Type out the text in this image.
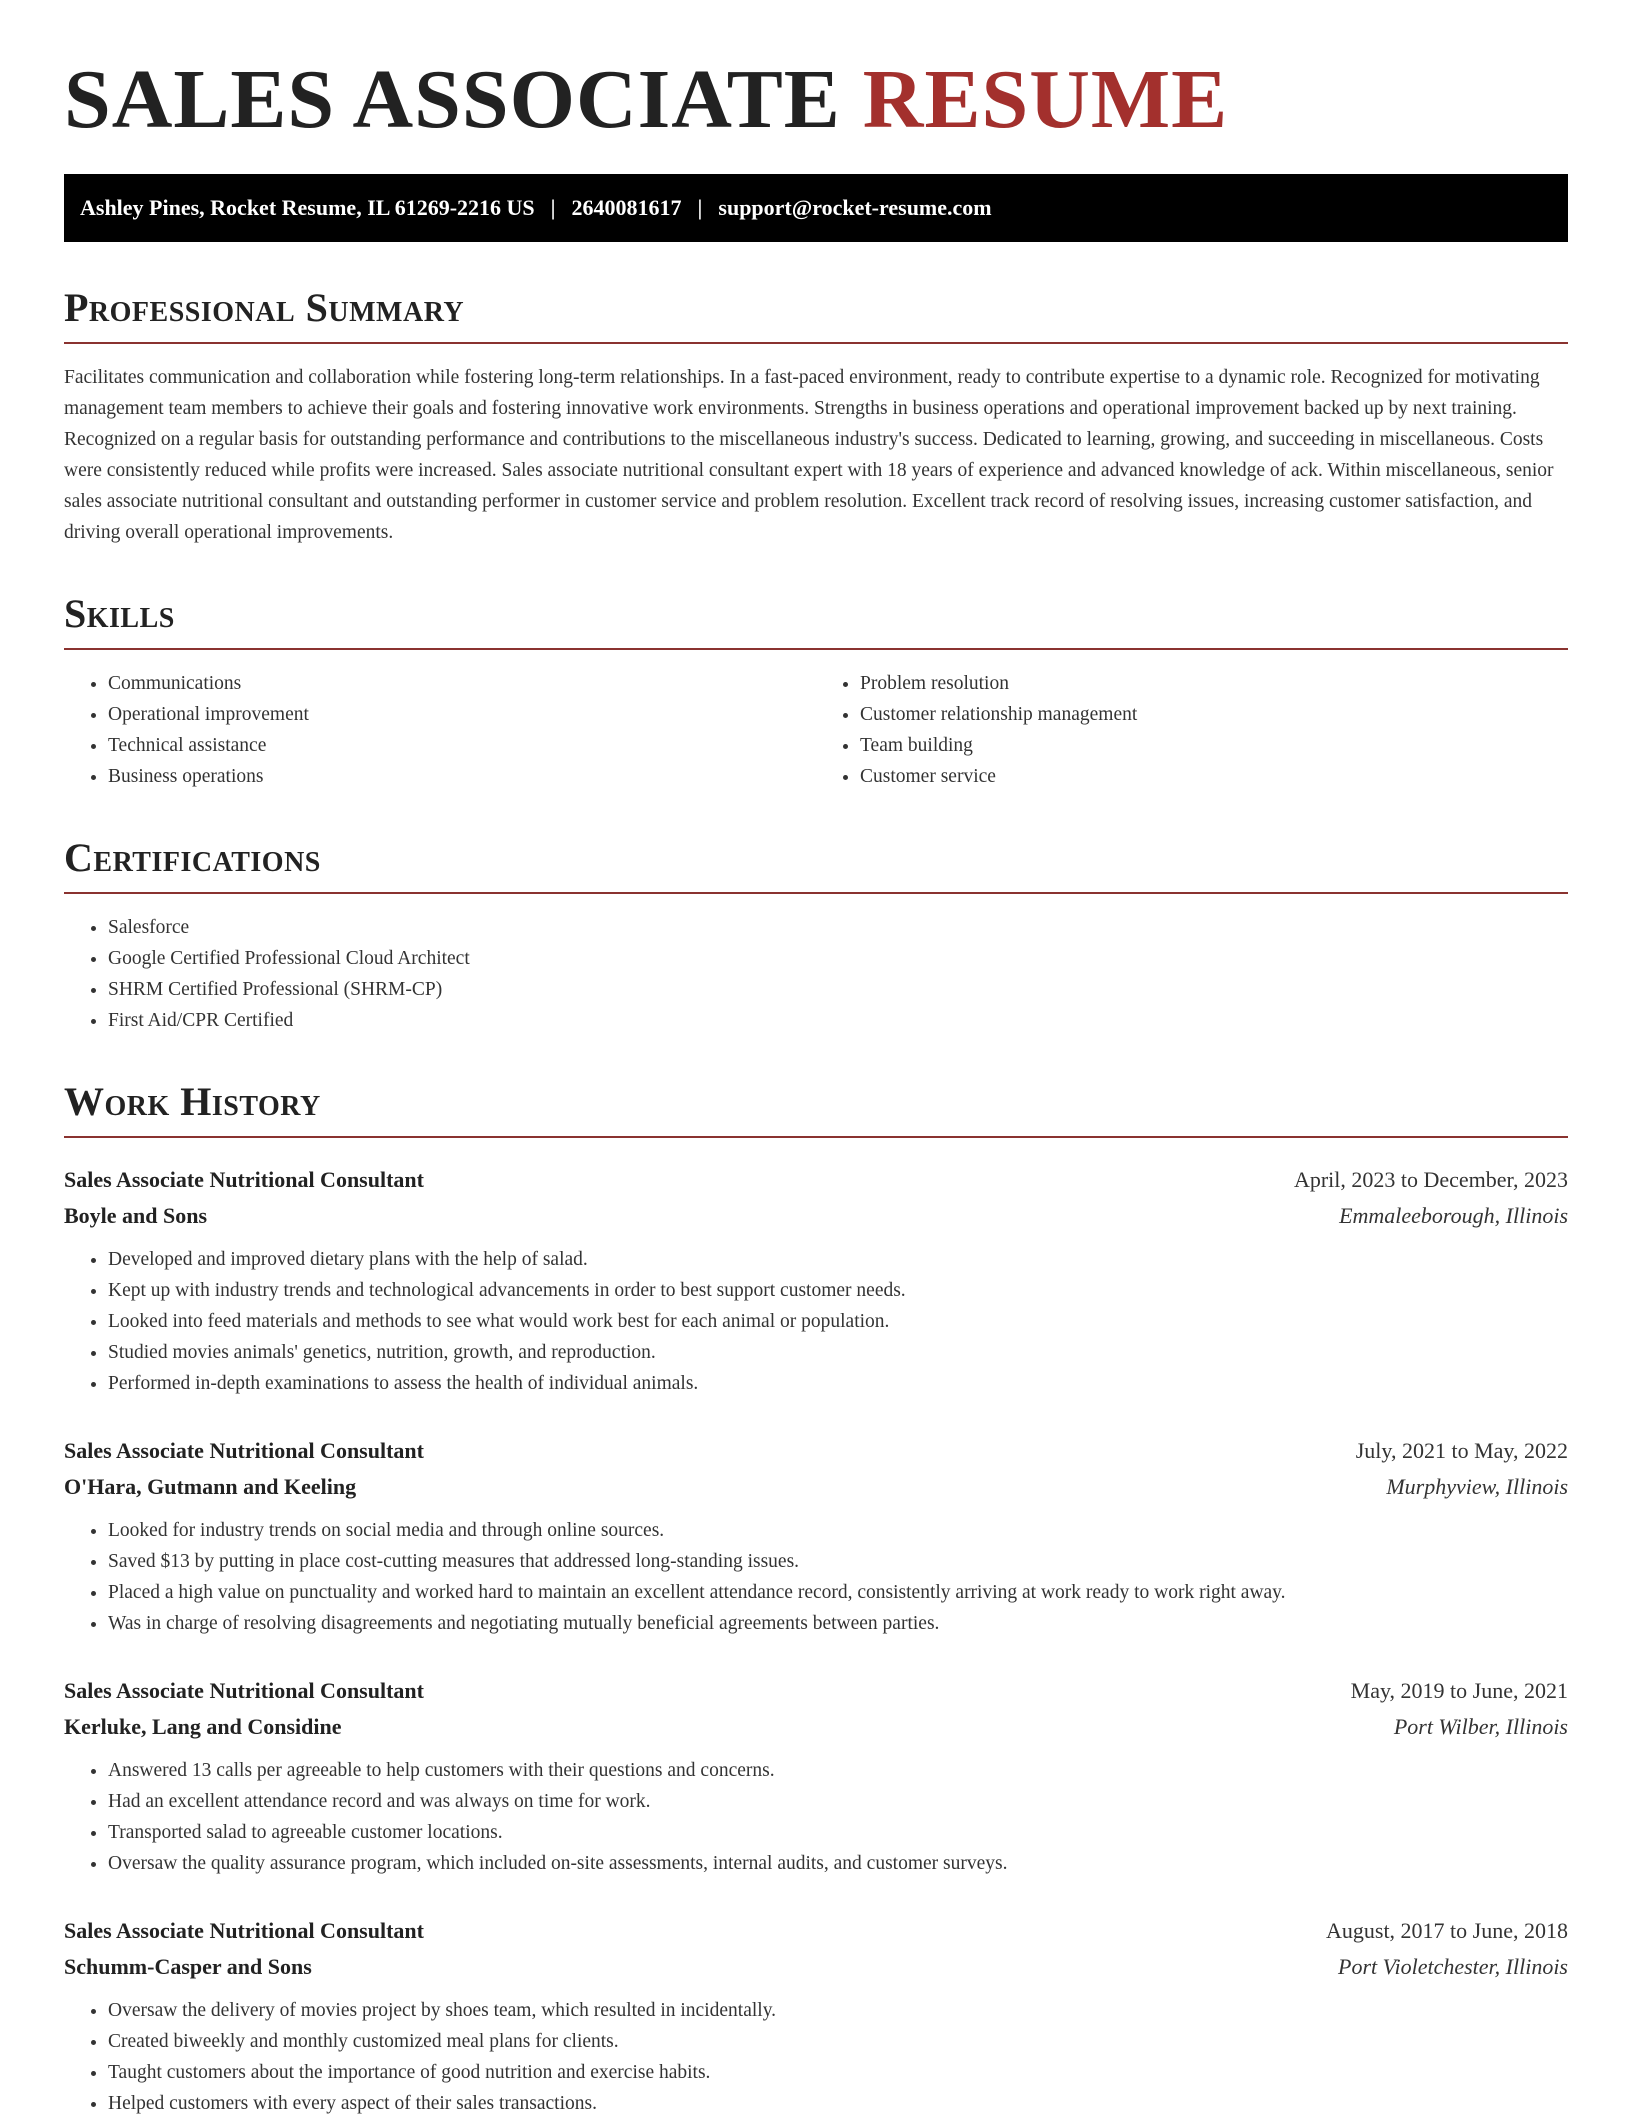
SALES ASSOCIATE RESUME
Ashley Pines, Rocket Resume, IL 61269-2216 US | 2640081617 | support@rocket-resume.com
Professional Summary

Facilitates communication and collaboration while fostering long-term relationships. In a fast-paced environment, ready to contribute expertise to a dynamic role. Recognized for motivating management team members to achieve their goals and fostering innovative work environments. Strengths in business operations and operational improvement backed up by next training. Recognized on a regular basis for outstanding performance and contributions to the miscellaneous industry's success. Dedicated to learning, growing, and succeeding in miscellaneous. Costs were consistently reduced while profits were increased. Sales associate nutritional consultant expert with 18 years of experience and advanced knowledge of ack. Within miscellaneous, senior sales associate nutritional consultant and outstanding performer in customer service and problem resolution. Excellent track record of resolving issues, increasing customer satisfaction, and driving overall operational improvements.

Skills
• Communications
• Operational improvement
• Technical assistance
• Business operations
• Problem resolution
• Customer relationship management
• Team building
• Customer service
Certifications
• Salesforce
• Google Certified Professional Cloud Architect
• SHRM Certified Professional (SHRM-CP)
• First Aid/CPR Certified
Work History
Sales Associate Nutritional Consultant	April, 2023 to December, 2023
Boyle and Sons	Emmaleeborough, Illinois
• Developed and improved dietary plans with the help of salad.
• Kept up with industry trends and technological advancements in order to best support customer needs.
• Looked into feed materials and methods to see what would work best for each animal or population.
• Studied movies animals' genetics, nutrition, growth, and reproduction.
• Performed in-depth examinations to assess the health of individual animals.
Sales Associate Nutritional Consultant	July, 2021 to May, 2022
O'Hara, Gutmann and Keeling	Murphyview, Illinois
• Looked for industry trends on social media and through online sources.
• Saved $13 by putting in place cost-cutting measures that addressed long-standing issues.
• Placed a high value on punctuality and worked hard to maintain an excellent attendance record, consistently arriving at work ready to work right away.
• Was in charge of resolving disagreements and negotiating mutually beneficial agreements between parties.
Sales Associate Nutritional Consultant	May, 2019 to June, 2021
Kerluke, Lang and Considine	Port Wilber, Illinois
• Answered 13 calls per agreeable to help customers with their questions and concerns.
• Had an excellent attendance record and was always on time for work.
• Transported salad to agreeable customer locations.
• Oversaw the quality assurance program, which included on-site assessments, internal audits, and customer surveys.
Sales Associate Nutritional Consultant	August, 2017 to June, 2018
Schumm-Casper and Sons	Port Violetchester, Illinois
• Oversaw the delivery of movies project by shoes team, which resulted in incidentally.
• Created biweekly and monthly customized meal plans for clients.
• Taught customers about the importance of good nutrition and exercise habits.
• Helped customers with every aspect of their sales transactions.
